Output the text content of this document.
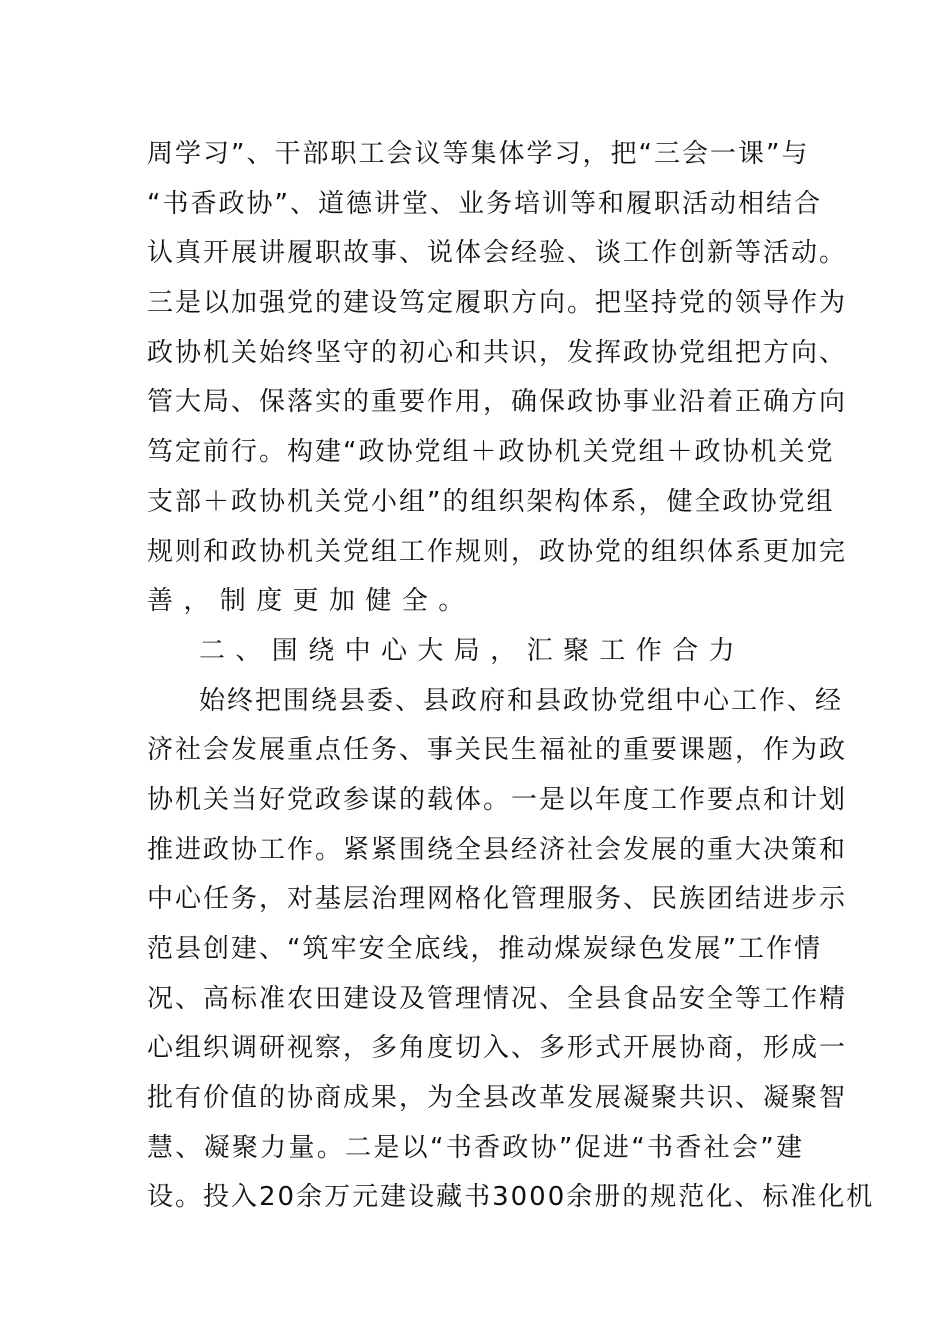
周学习”、干部职工会议等集体学习，把“三会一课”与
“书香政协”、道德讲堂、业务培训等和履职活动相结合
认真开展讲履职故事、说体会经验、谈工作创新等活动。
三是以加强党的建设笃定履职方向。把坚持党的领导作为
政协机关始终坚守的初心和共识，发挥政协党组把方向、
管大局、保落实的重要作用，确保政协事业沿着正确方向
笃定前行。构建“政协党组＋政协机关党组＋政协机关党
支部＋政协机关党小组”的组织架构体系，健全政协党组
规则和政协机关党组工作规则，政协党的组织体系更加完
善，制度更加健全。
二、围绕中心大局，汇聚工作合力
始终把围绕县委、县政府和县政协党组中心工作、经
济社会发展重点任务、事关民生福祉的重要课题，作为政
协机关当好党政参谋的载体。一是以年度工作要点和计划
推进政协工作。紧紧围绕全县经济社会发展的重大决策和
中心任务，对基层治理网格化管理服务、民族团结进步示
范县创建、“筑牢安全底线，推动煤炭绿色发展”工作情
况、高标准农田建设及管理情况、全县食品安全等工作精
心组织调研视察，多角度切入、多形式开展协商，形成一
批有价值的协商成果，为全县改革发展凝聚共识、凝聚智
慧、凝聚力量。二是以“书香政协”促进“书香社会”建
设。投入20余万元建设藏书3000余册的规范化、标准化机
